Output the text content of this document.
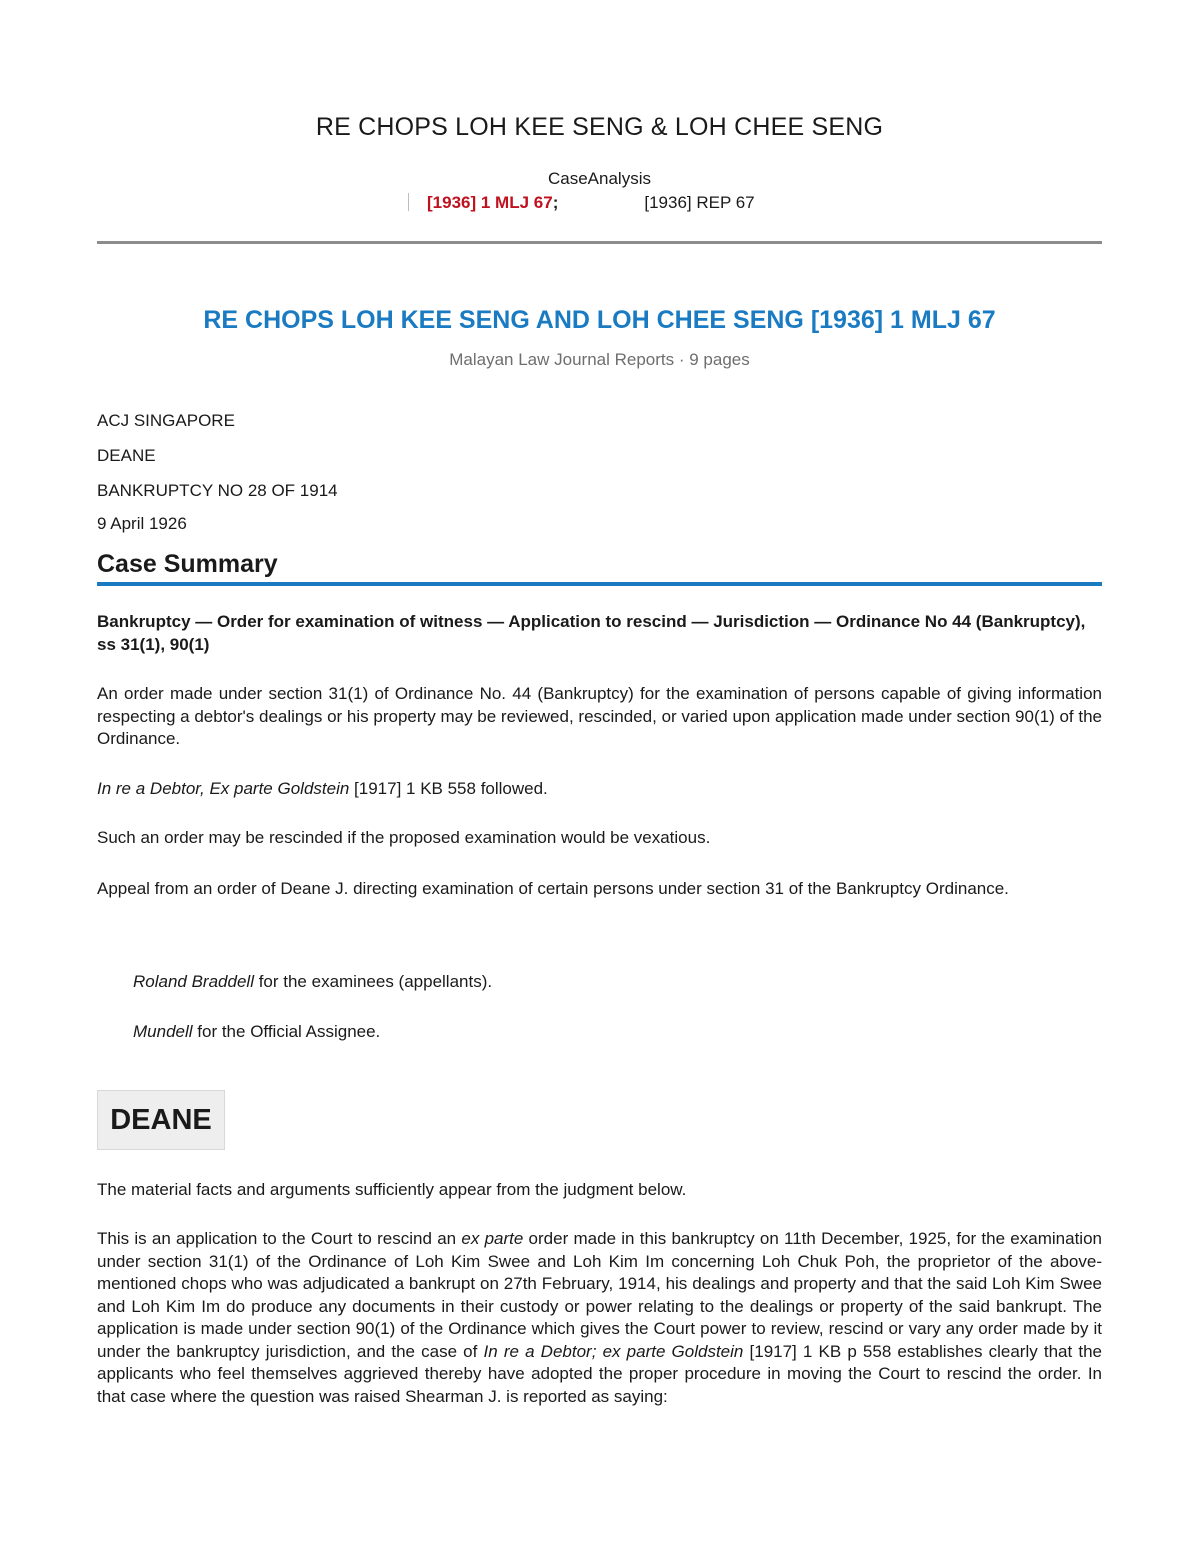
RE CHOPS LOH KEE SENG & LOH CHEE SENG
CaseAnalysis
[1936] 1 MLJ 67;	[1936] REP 67
RE CHOPS LOH KEE SENG AND LOH CHEE SENG [1936] 1 MLJ 67
Malayan Law Journal Reports · 9 pages
ACJ SINGAPORE
DEANE
BANKRUPTCY NO 28 OF 1914
9 April 1926
Case Summary
Bankruptcy — Order for examination of witness — Application to rescind — Jurisdiction — Ordinance No 44 (Bankruptcy), ss 31(1), 90(1)
An order made under section 31(1) of Ordinance No. 44 (Bankruptcy) for the examination of persons capable of giving information respecting a debtor's dealings or his property may be reviewed, rescinded, or varied upon application made under section 90(1) of the Ordinance.
In re a Debtor, Ex parte Goldstein [1917] 1 KB 558 followed.
Such an order may be rescinded if the proposed examination would be vexatious.
Appeal from an order of Deane J. directing examination of certain persons under section 31 of the Bankruptcy Ordinance.
Roland Braddell for the examinees (appellants).
Mundell for the Official Assignee.
DEANE
The material facts and arguments sufficiently appear from the judgment below.
This is an application to the Court to rescind an ex parte order made in this bankruptcy on 11th December, 1925, for the examination under section 31(1) of the Ordinance of Loh Kim Swee and Loh Kim Im concerning Loh Chuk Poh, the proprietor of the above-mentioned chops who was adjudicated a bankrupt on 27th February, 1914, his dealings and property and that the said Loh Kim Swee and Loh Kim Im do produce any documents in their custody or power relating to the dealings or property of the said bankrupt. The application is made under section 90(1) of the Ordinance which gives the Court power to review, rescind or vary any order made by it under the bankruptcy jurisdiction, and the case of In re a Debtor; ex parte Goldstein [1917] 1 KB p 558 establishes clearly that the applicants who feel themselves aggrieved thereby have adopted the proper procedure in moving the Court to rescind the order. In that case where the question was raised Shearman J. is reported as saying:
